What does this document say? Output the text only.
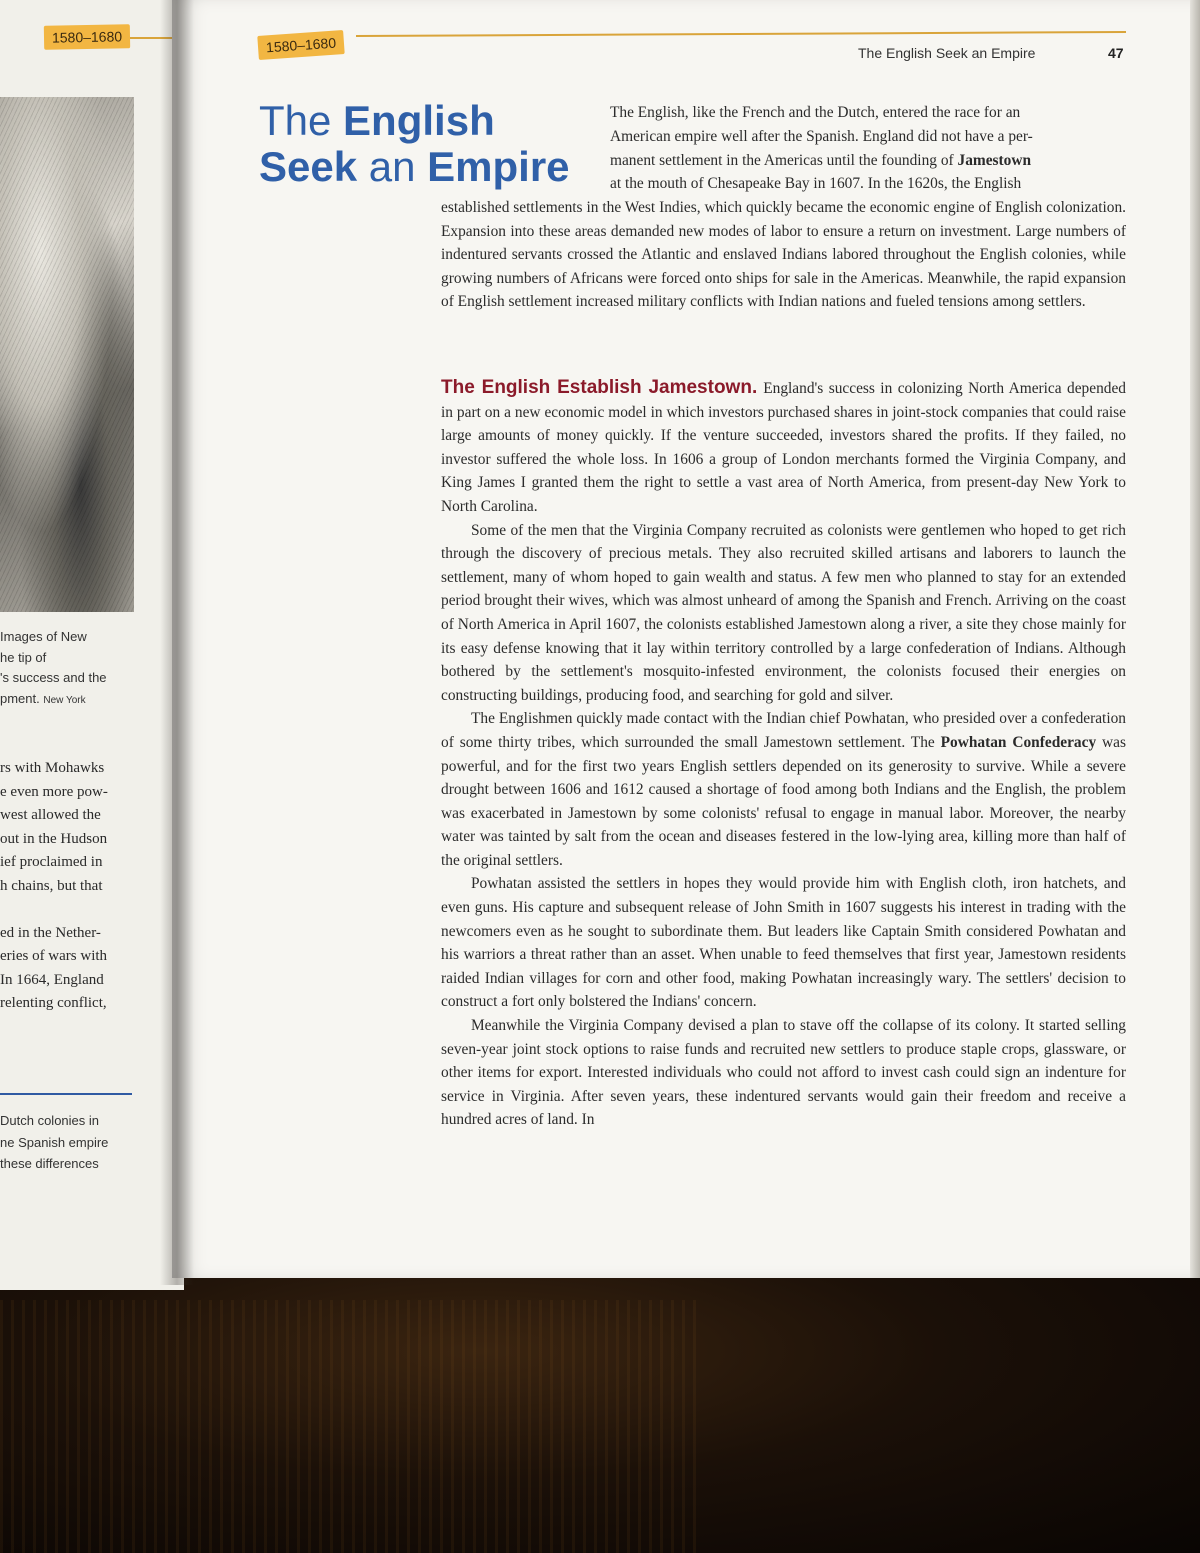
1580–1680
Images of New
he tip of
's success and the
pment. New York
rs with Mohawks
e even more pow-
west allowed the
out in the Hudson
ief proclaimed in
h chains, but that
ed in the Nether-
eries of wars with
In 1664, England
relenting conflict,
Dutch colonies in
ne Spanish empire
these differences
1580–1680	The English Seek an Empire	47
The English
Seek an Empire
The English, like the French and the Dutch, entered the race for an
American empire well after the Spanish. England did not have a per-
manent settlement in the Americas until the founding of Jamestown
at the mouth of Chesapeake Bay in 1607. In the 1620s, the English

established settlements in the West Indies, which quickly became the economic engine of English colonization. Expansion into these areas demanded new modes of labor to ensure a return on investment. Large numbers of indentured servants crossed the Atlantic and enslaved Indians labored throughout the English colonies, while growing numbers of Africans were forced onto ships for sale in the Americas. Meanwhile, the rapid expansion of English settlement increased military conflicts with Indian nations and fueled tensions among settlers.

The English Establish Jamestown. England's success in colonizing North America depended in part on a new economic model in which investors purchased shares in joint-stock companies that could raise large amounts of money quickly. If the venture succeeded, investors shared the profits. If they failed, no investor suffered the whole loss. In 1606 a group of London merchants formed the Virginia Company, and King James I granted them the right to settle a vast area of North America, from present-day New York to North Carolina.

Some of the men that the Virginia Company recruited as colonists were gentlemen who hoped to get rich through the discovery of precious metals. They also recruited skilled artisans and laborers to launch the settlement, many of whom hoped to gain wealth and status. A few men who planned to stay for an extended period brought their wives, which was almost unheard of among the Spanish and French. Arriving on the coast of North America in April 1607, the colonists established Jamestown along a river, a site they chose mainly for its easy defense knowing that it lay within territory controlled by a large confederation of Indians. Although bothered by the settlement's mosquito-infested environment, the colonists focused their energies on constructing buildings, producing food, and searching for gold and silver.

The Englishmen quickly made contact with the Indian chief Powhatan, who presided over a confederation of some thirty tribes, which surrounded the small Jamestown settlement. The Powhatan Confederacy was powerful, and for the first two years English settlers depended on its generosity to survive. While a severe drought between 1606 and 1612 caused a shortage of food among both Indians and the English, the problem was exacerbated in Jamestown by some colonists' refusal to engage in manual labor. Moreover, the nearby water was tainted by salt from the ocean and diseases festered in the low-lying area, killing more than half of the original settlers.

Powhatan assisted the settlers in hopes they would provide him with English cloth, iron hatchets, and even guns. His capture and subsequent release of John Smith in 1607 suggests his interest in trading with the newcomers even as he sought to subordinate them. But leaders like Captain Smith considered Powhatan and his warriors a threat rather than an asset. When unable to feed themselves that first year, Jamestown residents raided Indian villages for corn and other food, making Powhatan increasingly wary. The settlers' decision to construct a fort only bolstered the Indians' concern.

Meanwhile the Virginia Company devised a plan to stave off the collapse of its colony. It started selling seven-year joint stock options to raise funds and recruited new settlers to produce staple crops, glassware, or other items for export. Interested individuals who could not afford to invest cash could sign an indenture for service in Virginia. After seven years, these indentured servants would gain their freedom and receive a hundred acres of land. In
